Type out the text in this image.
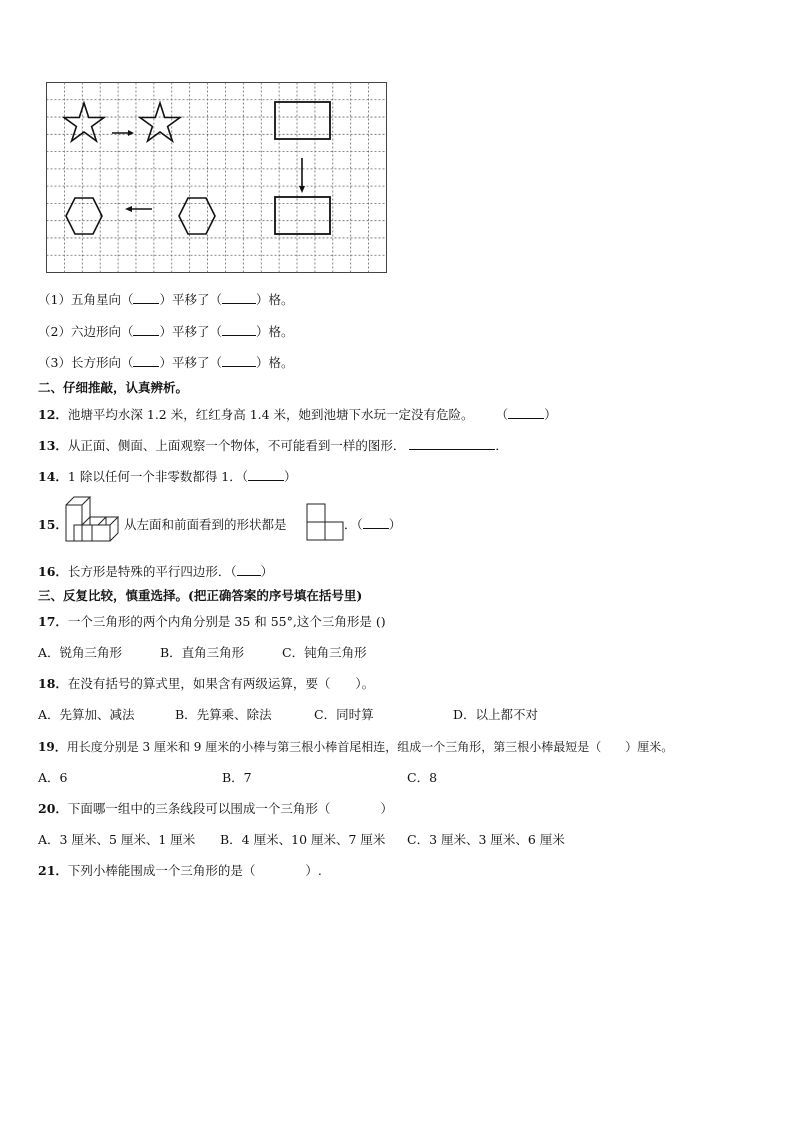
（1）五角星向（ ）平移了（	）格。
（2）六边形向（ ）平移了（	）格。
（3）长方形向（ ）平移了（	）格。
二、仔细推敲，认真辨析。
12．池塘平均水深 1.2 米，红红身高 1.4 米，她到池塘下水玩一定没有危险。 （	）
13．从正面、侧面、上面观察一个物体，不可能看到一样的图形．	．
14．1 除以任何一个非零数都得 1．（	）
15．	从左面和前面看到的形状都是	．（ ）
16．长方形是特殊的平行四边形．（ ）
三、反复比较，慎重选择。(把正确答案的序号填在括号里)
17．一个三角形的两个内角分别是 35 和 55°,这个三角形是 ()
A．锐角三角形	B．直角三角形	C．钝角三角形
18．在没有括号的算式里，如果含有两级运算，要（　　）。
A．先算加、减法	B．先算乘、除法	C．同时算	D．以上都不对
19．用长度分别是 3 厘米和 9 厘米的小棒与第三根小棒首尾相连，组成一个三角形，第三根小棒最短是（　　）厘米。
A．6	B．7	C．8
20．下面哪一组中的三条线段可以围成一个三角形（　　　　）
A．3 厘米、5 厘米、1 厘米 B．4 厘米、10 厘米、7 厘米 C．3 厘米、3 厘米、6 厘米
21．下列小棒能围成一个三角形的是（　　　　）.
